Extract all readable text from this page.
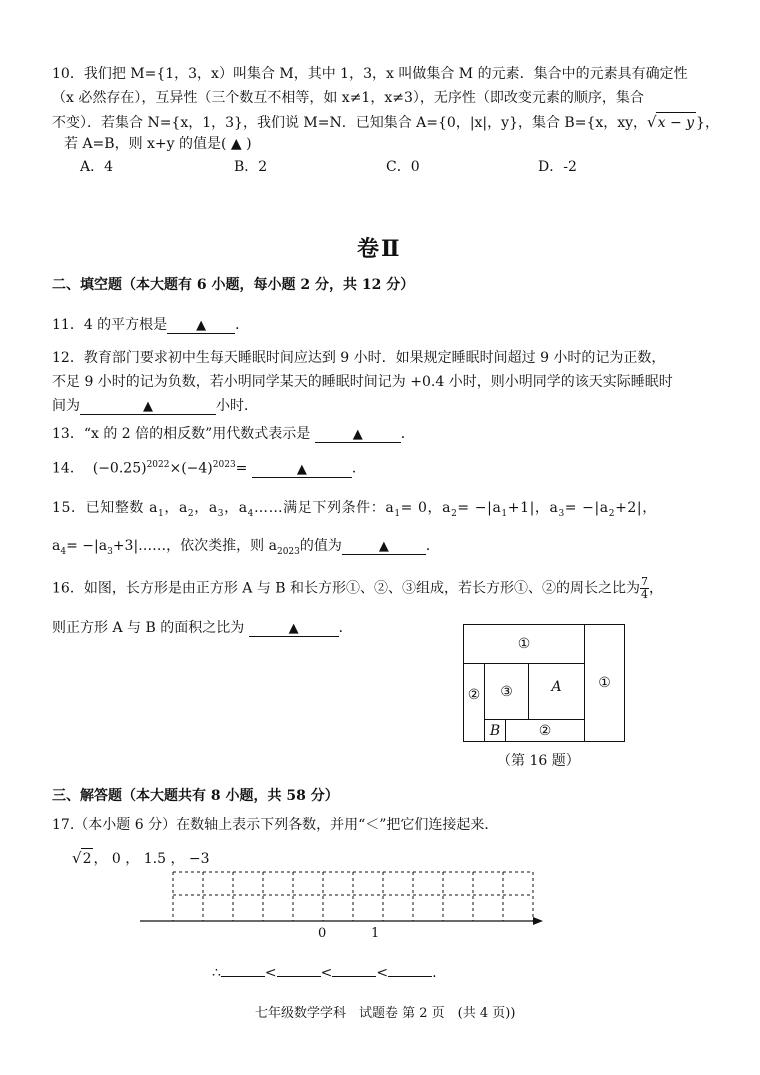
10．我们把 M={1，3，x）叫集合 M，其中 1，3，x 叫做集合 M 的元素．集合中的元素具有确定性
（x 必然存在），互异性（三个数互不相等，如 x≠1，x≠3），无序性（即改变元素的顺序，集合
不变）．若集合 N={x，1，3}，我们说 M=N．已知集合 A={0，|x|，y}，集合 B={x，xy，√x − y }，
若 A=B，则 x+y 的值是( ▲ )
A．4	B．2	C．0	D．-2
卷Ⅱ
二、填空题（本大题有 6 小题，每小题 2 分，共 12 分）
11．4 的平方根是 ▲ ．
12．教育部门要求初中生每天睡眠时间应达到 9 小时．如果规定睡眠时间超过 9 小时的记为正数，
不足 9 小时的记为负数，若小明同学某天的睡眠时间记为 +0.4 小时，则小明同学的该天实际睡眠时
间为	▲	小时．
13．“x 的 2 倍的相反数”用代数式表示是	▲	．
14． $(-0.25)^{2022}\times(-4)^{2023}=$	▲	．
15．已知整数 $a_1$，$a_2$，$a_3$，$a_4\dots\dots$满足下列条件：$a_1= 0$，$a_2= -|a_1+1|$，$a_3= -|a_2+2|$，
$a_4=$ $-|a_3+3|\dots\dots$，依次类推，则 $a_{2023}$的值为	▲	．
16．如图，长方形是由正方形 A 与 B 和长方形①、②、③组成，若长方形①、②的周长之比为 $\frac{7}{4}$ ，
则正方形 A 与 B 的面积之比为	▲	．
①
①
②	③	A
B	②
（第 16 题）
三、解答题（本大题共有 8 小题，共 58 分）
17.（本小题 6 分）在数轴上表示下列各数，并用“＜”把它们连接起来．
√2 ， 0 ， 1.5 ， −3
0	1
∴	<	<	<	.
七年级数学学科　试题卷 第 2 页　(共 4 页))
